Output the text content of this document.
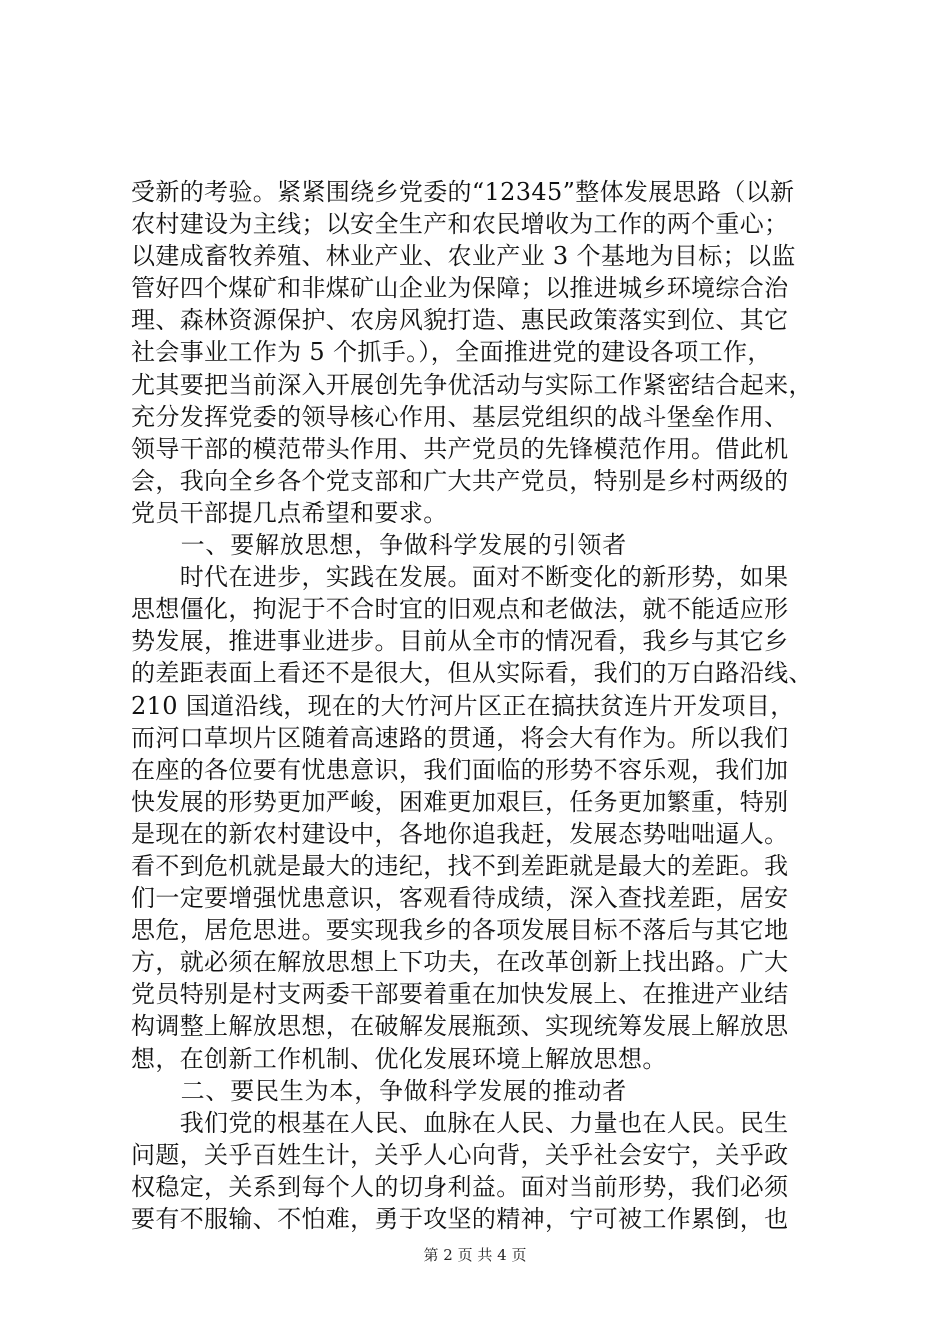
受新的考验。紧紧围绕乡党委的“12345”整体发展思路（以新
农村建设为主线；以安全生产和农民增收为工作的两个重心；
以建成畜牧养殖、林业产业、农业产业 3 个基地为目标；以监
管好四个煤矿和非煤矿山企业为保障；以推进城乡环境综合治
理、森林资源保护、农房风貌打造、惠民政策落实到位、其它
社会事业工作为 5 个抓手。），全面推进党的建设各项工作，
尤其要把当前深入开展创先争优活动与实际工作紧密结合起来，
充分发挥党委的领导核心作用、基层党组织的战斗堡垒作用、
领导干部的模范带头作用、共产党员的先锋模范作用。借此机
会，我向全乡各个党支部和广大共产党员，特别是乡村两级的
党员干部提几点希望和要求。
　　一、要解放思想，争做科学发展的引领者
　　时代在进步，实践在发展。面对不断变化的新形势，如果
思想僵化，拘泥于不合时宜的旧观点和老做法，就不能适应形
势发展，推进事业进步。目前从全市的情况看，我乡与其它乡
的差距表面上看还不是很大，但从实际看，我们的万白路沿线、
210 国道沿线，现在的大竹河片区正在搞扶贫连片开发项目，
而河口草坝片区随着高速路的贯通，将会大有作为。所以我们
在座的各位要有忧患意识，我们面临的形势不容乐观，我们加
快发展的形势更加严峻，困难更加艰巨，任务更加繁重，特别
是现在的新农村建设中，各地你追我赶，发展态势咄咄逼人。
看不到危机就是最大的违纪，找不到差距就是最大的差距。我
们一定要增强忧患意识，客观看待成绩，深入查找差距，居安
思危，居危思进。要实现我乡的各项发展目标不落后与其它地
方，就必须在解放思想上下功夫，在改革创新上找出路。广大
党员特别是村支两委干部要着重在加快发展上、在推进产业结
构调整上解放思想，在破解发展瓶颈、实现统筹发展上解放思
想，在创新工作机制、优化发展环境上解放思想。
　　二、要民生为本，争做科学发展的推动者
　　我们党的根基在人民、血脉在人民、力量也在人民。民生
问题，关乎百姓生计，关乎人心向背，关乎社会安宁，关乎政
权稳定，关系到每个人的切身利益。面对当前形势，我们必须
要有不服输、不怕难，勇于攻坚的精神，宁可被工作累倒，也
第 2 页 共 4 页
